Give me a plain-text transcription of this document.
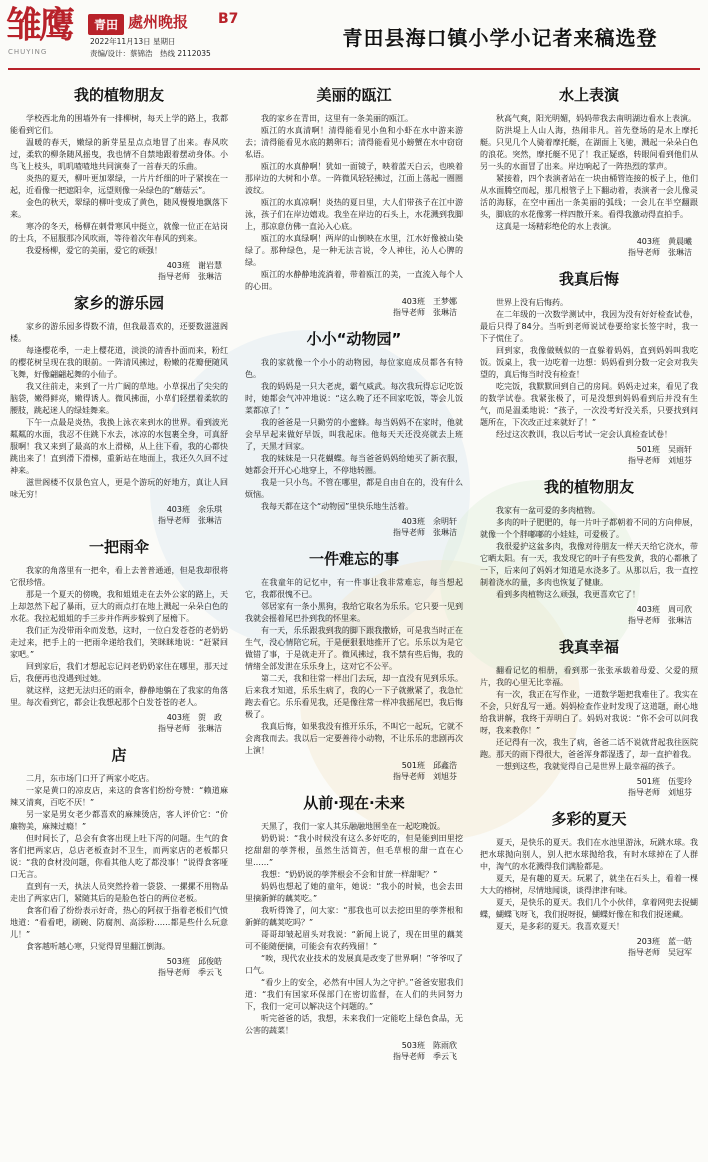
雏鹰
CHUYING
青田 處州晚报 B7
2022年11月13日 星期日
责编/设计：蔡锦浩　热线 2112035
青田县海口镇小学小记者来稿选登
我的植物朋友

学校西北角的围墙外有一排柳树，每天上学的路上，我都能看到它们。

温暖的春天，嫩绿的新芽星星点点地冒了出来。春风吹过，柔软的柳条随风摇曳，我也情不自禁地跟着摆动身体。小鸟飞上枝头，叽叽喳喳地共同演奏了一首春天的乐曲。

炎热的夏天，柳叶更加翠绿，一片片纤细的叶子紧挨在一起，近看像一把遮阳伞，远望则像一朵绿色的“蘑菇云”。

金色的秋天，翠绿的柳叶变成了黄色，随风慢慢地飘落下来。

寒冷的冬天，杨柳在刺骨寒风中挺立，就像一位正在站岗的士兵，不屈服那冷风吹雨，等待着次年春风的到来。

我爱杨柳，爱它的美丽，爱它的顽强！

403班　谢岩慧
指导老师　张琳洁
家乡的游乐园

家乡的游乐园多得数不清，但我最喜欢的，还要数滋滋阁楼。

每逢樱花季，一走上樱花道，淡淡的清香扑面而来，粉红的樱花树呈现在我的眼前。一阵清风拂过，粉嫩的花瓣便随风飞舞，好像翩翩起舞的小仙子。

我又往前走，来到了一片广阔的草地。小草探出了尖尖的脑袋，嫩得鲜亮，嫩得诱人。微风拂面，小草们轻摆着柔软的腰肢，跳起迷人的绿娃舞来。

下午一点最是炎热，我换上泳衣来到水的世界。看到波光粼粼的水面，我忍不住跳下水去，冰凉的水包裹全身，可真舒服啊！我又来到了最高的水上滑梯，从上往下看，我的心都快跳出来了！直到滑下滑梯，重新站在地面上，我还久久回不过神来。

滋世阁楼不仅景色宜人，更是个游玩的好地方，真让人回味无穷！

403班　余乐琪
指导老师　张琳洁
一把雨伞

我家的角落里有一把伞，看上去普普通通，但是我却很将它很珍惜。

那是一个夏天的傍晚，我和姐姐走在去外公家的路上，天上却忽然下起了暴雨，豆大的雨点打在地上溅起一朵朵白色的水花。我拉起姐姐的手三步并作两步躲到了屋檐下。

我们正为没带雨伞而发愁，这时，一位白发苍苍的老奶奶走过来，把手上的一把雨伞递给我们，笑眯眯地说：“赶紧回家吧。”

回到家后，我们才想起忘记问老奶奶家住在哪里，那天过后，我便再也没遇到过她。

就这样，这把无法归还的雨伞，静静地躺在了我家的角落里。每次看到它，都会让我想起那个白发苍苍的老人。

403班　贺　政
指导老师　张琳洁
店

二月，东市场门口开了两家小吃店。

一家是黄口的凉皮店，来这的食客们纷纷夸赞：“赖道麻辣又清爽，百吃不厌！”

另一家是男女老少都喜欢的麻辣烫店，客人评价它：“价廉物美，麻辣过瘾！”

但时间长了，总会有食客出现上吐下泻的问题。生气的食客们把两家店，总店老板查封不卫生，而两家店的老板都只说：“我的食材没问题，你看其他人吃了都没事！”说得食客哑口无言。

直到有一天，执法人员突然拎着一袋袋、一摞摞不用物品走出了两家店门，紧随其后的是脸色苍白的两位老板。

食客们看了纷纷表示好奇，热心的阿叔于指着老板们气愤地道：“看看吧，刷碗、防腐剂、高添粉……都是些什么玩意儿！”

食客越听越心寒，只觉得胃里翻江倒海。

503班　邱俊皓
指导老师　季云飞
美丽的瓯江

我的家乡在青田，这里有一条美丽的瓯江。

瓯江的水真清啊！清得能看见小鱼和小虾在水中游来游去；清得能看见水底的鹅卵石；清得能看见小螃蟹在水中窃窃私语。

瓯江的水真静啊！犹如一面镜子，映着蓝天白云，也映着那岸边的大树和小草。一阵微风轻轻拂过，江面上荡起一圈圈波纹。

瓯江的水真凉啊！炎热的夏日里，大人们带孩子在江中游泳，孩子们在岸边嬉戏。我坐在岸边的石头上，水花溅到我脚上，那凉意仿佛一直沁入心底。

瓯江的水真绿啊！两岸的山倒映在水里，江水好像被山染绿了。那种绿色，是一种无法言说，令人神往，沁人心脾的绿。

瓯江的水静静地流淌着，带着瓯江的美，一直流入每个人的心田。

403班　王梦娜
指导老师　张琳洁
小小“动物园”

我的家就像一个小小的动物园，每位家庭成员都各有特色。

我的妈妈是一只大老虎，霸气威武。每次我玩得忘记吃饭时，她都会气冲冲地说：“这么晚了还不回家吃饭，等会儿饭菜都凉了！”

我的爸爸是一只勤劳的小蜜蜂。每当妈妈不在家时，他就会早早起来做好早饭，叫我起床。他每天天还没亮就去上班了，天黑才回家。

我的妹妹是一只花蝴蝶。每当爸爸妈妈给她买了新衣服，她都会开开心心地穿上，不停地转圈。

我是一只小鸟。不管在哪里，都是自由自在的，没有什么烦恼。

我每天都在这个“动物园”里快乐地生活着。

403班　余明轩
指导老师　张琳洁
一件难忘的事

在我童年的记忆中，有一件事让我非常难忘，每当想起它，我都很愧不已。

邻居家有一条小黑狗，我给它取名为乐乐。它只要一见到我就会摇着尾巴扑到我的怀里来。

有一天，乐乐跟我到我的脚下跟我撒娇，可是我当时正在生气，没心情陪它玩，于是便狠狠地推开了它。乐乐以为是它做错了事，于是就走开了。微风拂过，我不禁有些后悔，我的情绪全部发泄在乐乐身上，这对它不公平。

第二天，我和往常一样出门去玩，却一直没有见到乐乐。后来我才知道，乐乐生病了，我的心一下子就揪紧了，我急忙跑去看它。乐乐看见我，还是像往常一样冲我摇尾巴，我后悔极了。

我真后悔，如果我没有推开乐乐，不叫它一起玩，它就不会离我而去。我以后一定要善待小动物，不让乐乐的悲剧再次上演！

501班　邱鑫浩
指导老师　刘旭芬
从前·现在·未来

天黑了，我们一家人其乐融融地围坐在一起吃晚饭。

奶奶说：“我小时候没有这么多好吃的，但是能到田里挖挖甜甜的荸荠根，虽然生活简苦，但毛草根的甜一直在心里……”

我想：“奶奶说的荸荠根会不会和甘蔗一样甜呢？”

妈妈也想起了她的童年，她说：“我小的时候，也会去田里摘新鲜的藕荚吃。”

我听得馋了，问大家：“那我也可以去挖田里的荸荠根和新鲜的藕荚吃吗？”

哥哥却皱起眉头对我说：“新闻上说了，现在田里的藕荚可不能随便摘，可能会有农药残留！”

“唉，现代农业技术的发展真是改变了世界啊！”爷爷叹了口气。

“看少上的安全，必然有中国人为之守护。”爸爸安慰我们道：“我们有国家环保部门在密切监督，在人们的共同努力下，我们一定可以解决这个问题的。”

听完爸爸的话，我想，未来我们一定能吃上绿色食品，无公害的蔬菜！

503班　陈雨欣
指导老师　季云飞
水上表演

秋高气爽，阳光明媚，妈妈带我去南明湖边看水上表演。

防洪堤上人山人海，热闹非凡。首先登场的是水上摩托艇。只见几个人骑着摩托艇，在湖面上飞驰，溅起一朵朵白色的浪花。突然，摩托艇不见了！我正疑惑，转眼间看到他们从另一头的水面冒了出来。岸边响起了一阵热烈的掌声。

紧接着，四个表演者站在一块由桶管连接的板子上，他们从水面腾空而起，那几根管子上下翻动着，表演者一会儿像灵活的海豚，在空中画出一条美丽的弧线；一会儿在半空翻跟头，脚底的水花像雾一样四散开来。看得我激动得直拍手。

这真是一场精彩绝伦的水上表演。

403班　黄晨曦
指导老师　张琳洁
我真后悔

世界上没有后悔药。

在二年级的一次数学测试中，我因为没有好好检查试卷，最后只得了84分。当听到老师说试卷要给家长签字时，我一下子慌住了。

回到家，我像做贼似的一直躲着妈妈，直到妈妈叫我吃饭。饭桌上，我一边吃着一边想：妈妈看到分数一定会对我失望的，真后悔当时没有检查！

吃完饭，我默默回到自己的房间。妈妈走过来，看见了我的数学试卷。我紧张极了，可是没想到妈妈看到后并没有生气，而是温柔地说：“孩子，一次没考好没关系，只要找到问题所在，下次改正过来就好了！”

经过这次教训，我以后考试一定会认真检查试卷！

501班　吴雨轩
指导老师　刘旭芬
我的植物朋友

我家有一盆可爱的多肉植物。

多肉的叶子肥肥的，每一片叶子都朝着不同的方向伸展，就像一个个胖嘟嘟的小娃娃，可爱极了。

我很爱护这盆多肉，我像对待朋友一样天天给它浇水，带它晒太阳。有一天，我发现它的叶子有些发黄，我的心都揪了一下，后来问了妈妈才知道是水浇多了。从那以后，我一直控制着浇水的量，多肉也恢复了健康。

看到多肉植物这么顽强，我更喜欢它了！

403班　周可欣
指导老师　张琳洁
我真幸福

翻看记忆的相册，看到那一张张承载着母爱、父爱的照片，我的心里无比幸福。

有一次，我正在写作业，一道数学题把我难住了。我实在不会，只好乱写一通。妈妈检查作业时发现了这道题，耐心地给我讲解，我终于弄明白了。妈妈对我说：“你不会可以问我呀，我来教你！”

还记得有一次，我生了病，爸爸二话不说就背起我往医院跑。那天的雨下得很大，爸爸浑身都湿透了，却一直护着我。

一想到这些，我就觉得自己是世界上最幸福的孩子。

501班　伍雯玲
指导老师　刘旭芬
多彩的夏天

夏天，是快乐的夏天。我们在水池里游泳，玩跳水球。我把水球抛向别人，别人把水球抛给我，有时水球掉在了人群中，淘气的水花溅得我们满脸都是。

夏天，是有趣的夏天。玩累了，就坐在石头上，看着一棵大大的榕树，尽情地闻谈，谈得津津有味。

夏天，是快乐的夏天。我们几个小伙伴，拿着网兜去捉蝴蝶，蝴蝶飞呀飞，我们捉呀捉，蝴蝶好像在和我们捉迷藏。

夏天，是多彩的夏天。我喜欢夏天！

203班　蓝一皓
指导老师　吴冠军
